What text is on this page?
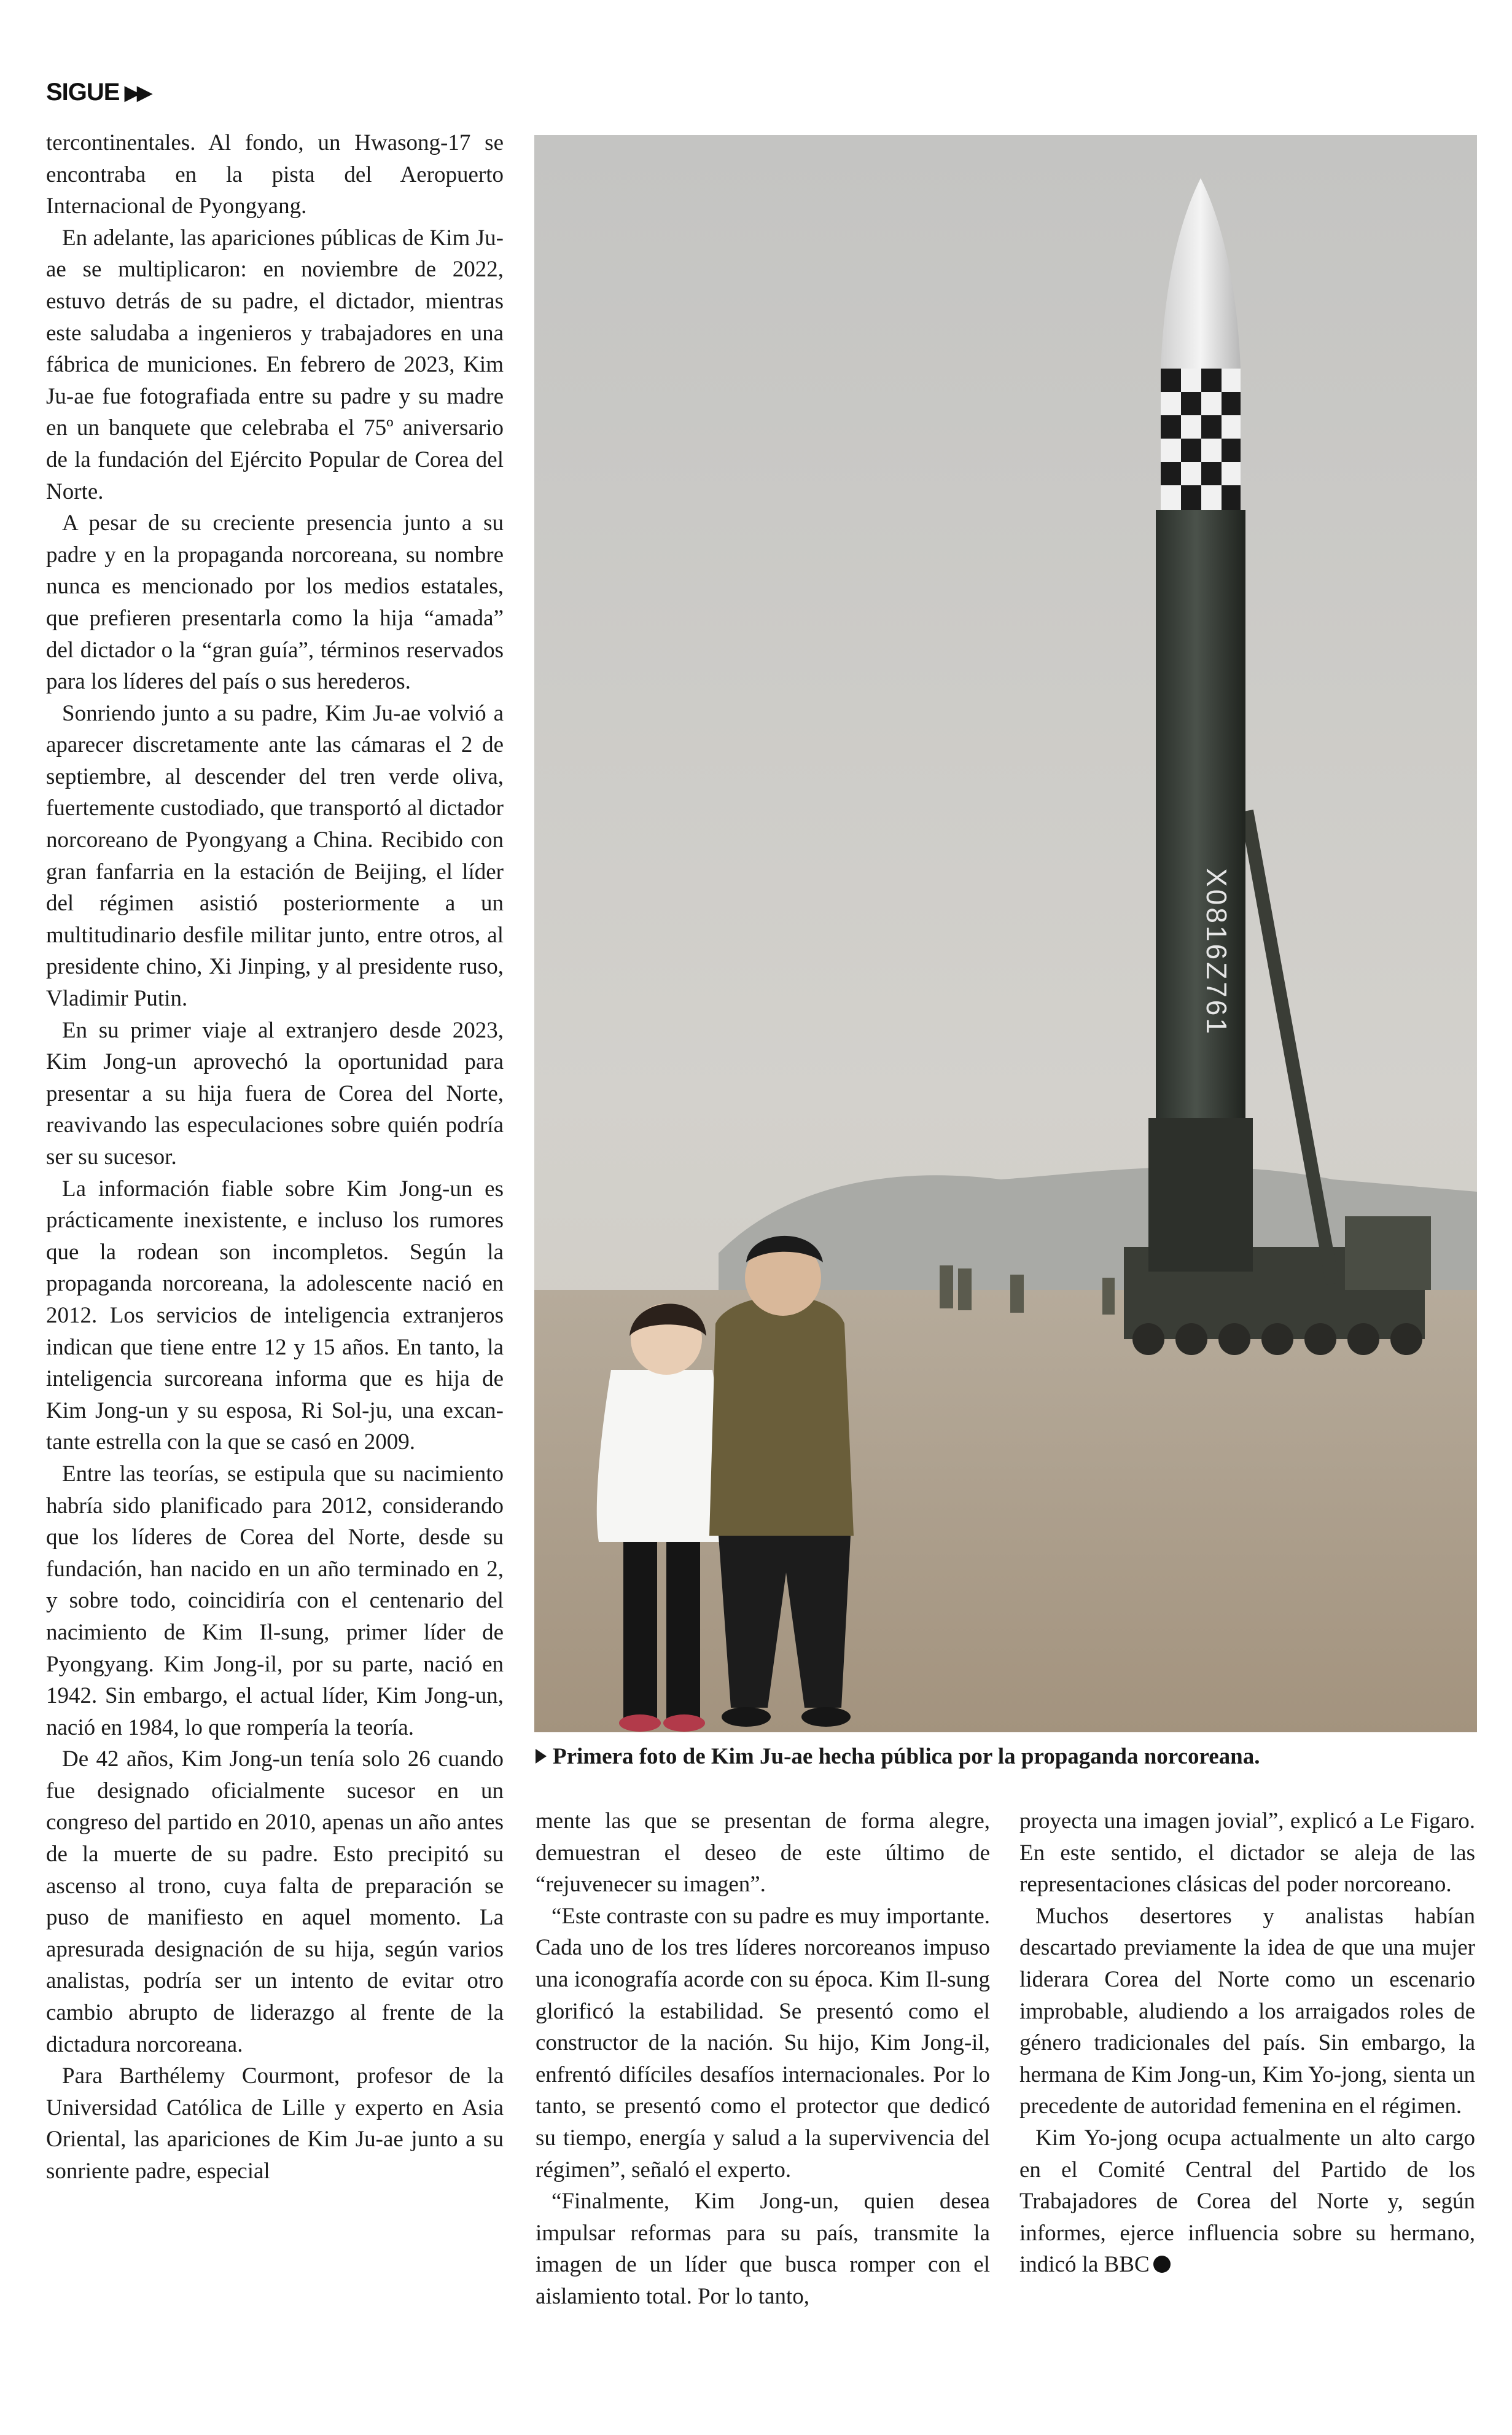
SIGUE ▶▶

tercontinentales. Al fondo, un Hwasong-17 se encontraba en la pista del Aeropuerto Internacional de Pyongyang.

En adelante, las apariciones públicas de Kim Ju-ae se multiplicaron: en noviembre de 2022, estuvo detrás de su padre, el dictador, mientras este saludaba a ingenieros y trabajadores en una fábrica de municiones. En febrero de 2023, Kim Ju-ae fue fotografiada entre su padre y su madre en un banquete que celebraba el 75º aniversario de la fundación del Ejército Popular de Corea del Norte.

A pesar de su creciente presencia junto a su padre y en la propaganda norcoreana, su nombre nunca es mencionado por los medios estatales, que prefieren presentarla como la hija “amada” del dictador o la “gran guía”, términos reservados para los líderes del país o sus herederos.

Sonriendo junto a su padre, Kim Ju-ae volvió a aparecer discretamente ante las cámaras el 2 de septiembre, al descender del tren verde oliva, fuertemente custodiado, que transportó al dictador norcoreano de Pyongyang a China. Recibido con gran fanfarria en la estación de Beijing, el líder del régimen asistió posteriormente a un multitudinario desfile militar junto, entre otros, al presidente chino, Xi Jinping, y al presidente ruso, Vladimir Putin.

En su primer viaje al extranjero desde 2023, Kim Jong-un aprovechó la oportunidad para presentar a su hija fuera de Corea del Norte, reavivando las especulaciones sobre quién podría ser su sucesor.

La información fiable sobre Kim Jong-un es prácticamente inexistente, e incluso los rumores que la rodean son incompletos. Según la propaganda norcoreana, la adolescente nació en 2012. Los servicios de inteligencia extranjeros indican que tiene entre 12 y 15 años. En tanto, la inteligencia surcoreana informa que es hija de Kim Jong-un y su esposa, Ri Sol-ju, una excantante estrella con la que se casó en 2009.

Entre las teorías, se estipula que su nacimiento habría sido planificado para 2012, considerando que los líderes de Corea del Norte, desde su fundación, han nacido en un año terminado en 2, y sobre todo, coincidiría con el centenario del nacimiento de Kim Il-sung, primer líder de Pyongyang. Kim Jong-il, por su parte, nació en 1942. Sin embargo, el actual líder, Kim Jong-un, nació en 1984, lo que rompería la teoría.

De 42 años, Kim Jong-un tenía solo 26 cuando fue designado oficialmente sucesor en un congreso del partido en 2010, apenas un año antes de la muerte de su padre. Esto precipitó su ascenso al trono, cuya falta de preparación se puso de manifiesto en aquel momento. La apresurada designación de su hija, según varios analistas, podría ser un intento de evitar otro cambio abrupto de liderazgo al frente de la dictadura norcoreana.

Para Barthélemy Courmont, profesor de la Universidad Católica de Lille y experto en Asia Oriental, las apariciones de Kim Ju-ae junto a su sonriente padre, especial

X0816Z761
Primera foto de Kim Ju-ae hecha pública por la propaganda norcoreana.

mente las que se presentan de forma alegre, demuestran el deseo de este último de “rejuvenecer su imagen”.

“Este contraste con su padre es muy importante. Cada uno de los tres líderes norcoreanos impuso una iconografía acorde con su época. Kim Il-sung glorificó la estabilidad. Se presentó como el constructor de la nación. Su hijo, Kim Jong-il, enfrentó difíciles desafíos internacionales. Por lo tanto, se presentó como el protector que dedicó su tiempo, energía y salud a la supervivencia del régimen”, señaló el experto.

“Finalmente, Kim Jong-un, quien desea impulsar reformas para su país, transmite la imagen de un líder que busca romper con el aislamiento total. Por lo tanto,

proyecta una imagen jovial”, explicó a Le Figaro. En este sentido, el dictador se aleja de las representaciones clásicas del poder norcoreano.

Muchos desertores y analistas habían descartado previamente la idea de que una mujer liderara Corea del Norte como un escenario improbable, aludiendo a los arraigados roles de género tradicionales del país. Sin embargo, la hermana de Kim Jong-un, Kim Yo-jong, sienta un precedente de autoridad femenina en el régimen.

Kim Yo-jong ocupa actualmente un alto cargo en el Comité Central del Partido de los Trabajadores de Corea del Norte y, según informes, ejerce influencia sobre su hermano, indicó la BBC
